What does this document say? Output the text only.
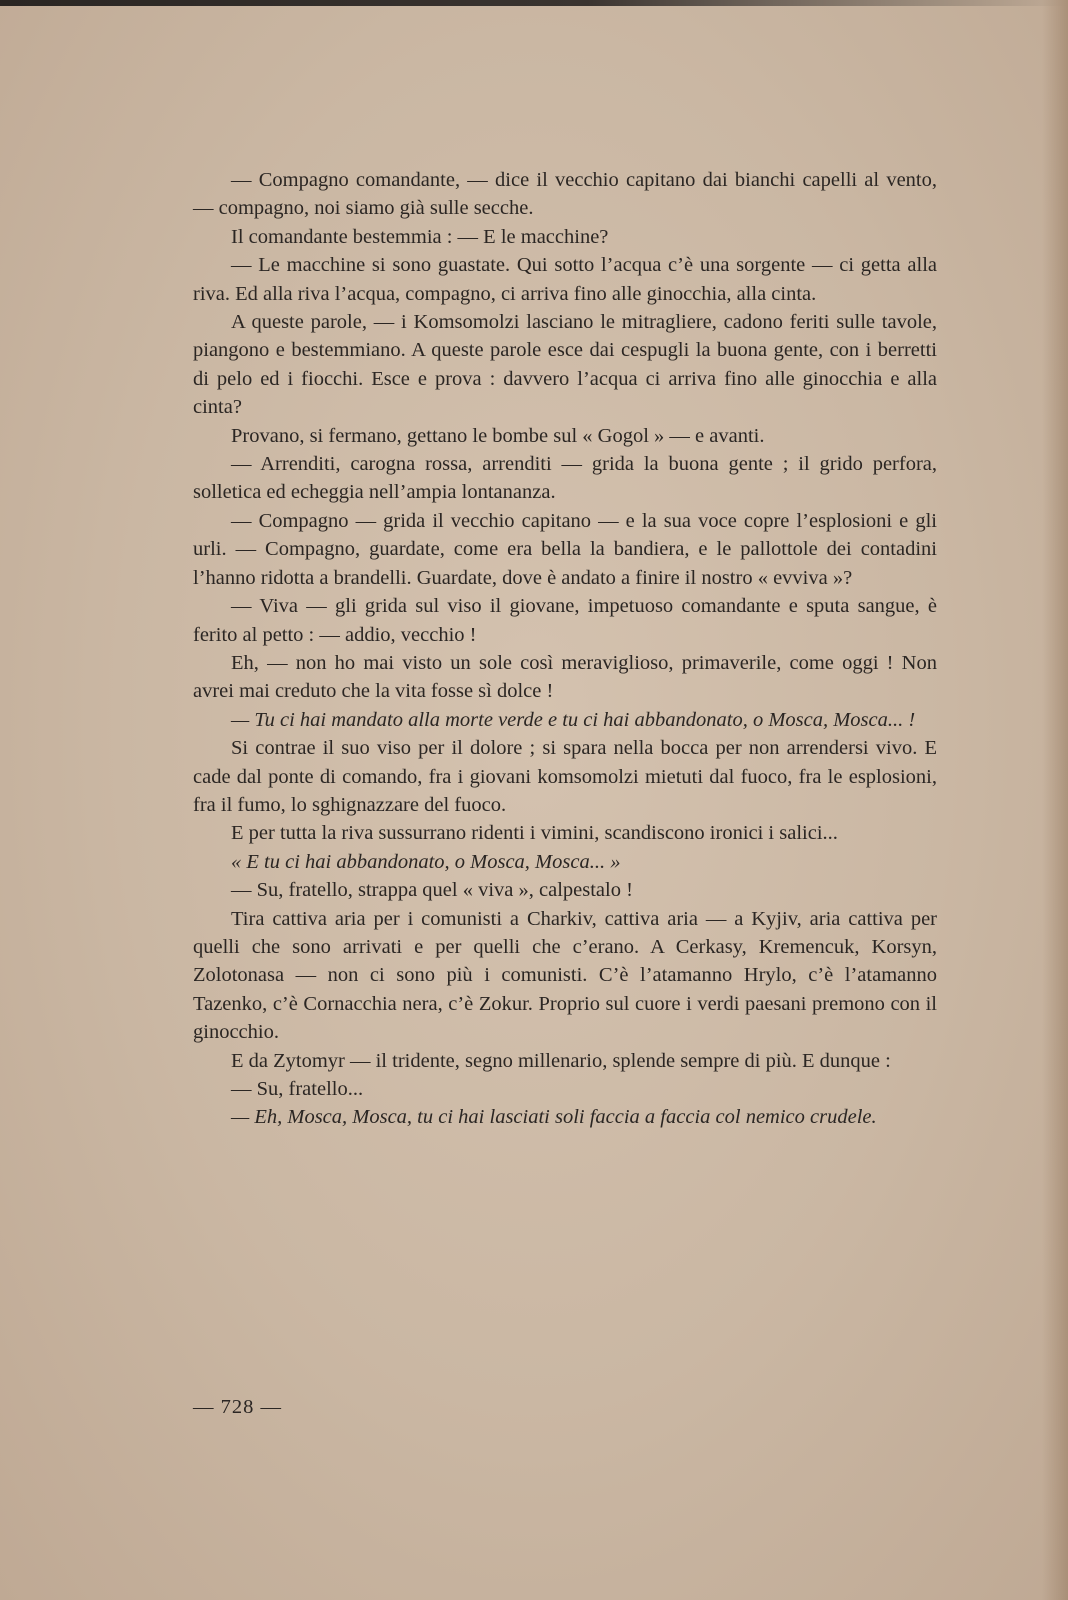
— Compagno comandante, — dice il vecchio capitano dai bianchi capelli al vento, — compagno, noi siamo già sulle secche.

Il comandante bestemmia : — E le macchine?

— Le macchine si sono guastate. Qui sotto l’acqua c’è una sorgente — ci getta alla riva. Ed alla riva l’acqua, compagno, ci arriva fino alle ginocchia, alla cinta.

A queste parole, — i Komsomolzi lasciano le mitragliere, cadono feriti sulle tavole, piangono e bestemmiano. A queste parole esce dai cespugli la buona gente, con i berretti di pelo ed i fiocchi. Esce e prova : davvero l’acqua ci arriva fino alle ginocchia e alla cinta?

Provano, si fermano, gettano le bombe sul « Gogol » — e avanti.

— Arrenditi, carogna rossa, arrenditi — grida la buona gente ; il grido perfora, solletica ed echeggia nell’ampia lontananza.

— Compagno — grida il vecchio capitano — e la sua voce copre l’esplosioni e gli urli. — Compagno, guardate, come era bella la bandiera, e le pallottole dei contadini l’hanno ridotta a brandelli. Guardate, dove è andato a finire il nostro « evviva »?

— Viva — gli grida sul viso il giovane, impetuoso comandante e sputa sangue, è ferito al petto : — addio, vecchio !

Eh, — non ho mai visto un sole così meraviglioso, primaverile, come oggi ! Non avrei mai creduto che la vita fosse sì dolce !

— Tu ci hai mandato alla morte verde e tu ci hai abbandonato, o Mosca, Mosca... !

Si contrae il suo viso per il dolore ; si spara nella bocca per non arrendersi vivo. E cade dal ponte di comando, fra i giovani komsomolzi mietuti dal fuoco, fra le esplosioni, fra il fumo, lo sghignazzare del fuoco.

E per tutta la riva sussurrano ridenti i vimini, scandiscono ironici i salici...

« E tu ci hai abbandonato, o Mosca, Mosca... »

— Su, fratello, strappa quel « viva », calpestalo !

Tira cattiva aria per i comunisti a Charkiv, cattiva aria — a Kyjiv, aria cattiva per quelli che sono arrivati e per quelli che c’erano. A Cerkasy, Kremencuk, Korsyn, Zolotonasa — non ci sono più i comunisti. C’è l’atamanno Hrylo, c’è l’atamanno Tazenko, c’è Cornacchia nera, c’è Zokur. Proprio sul cuore i verdi paesani premono con il ginocchio.

E da Zytomyr — il tridente, segno millenario, splende sempre di più. E dunque :

— Su, fratello...

— Eh, Mosca, Mosca, tu ci hai lasciati soli faccia a faccia col nemico crudele.

— 728 —
